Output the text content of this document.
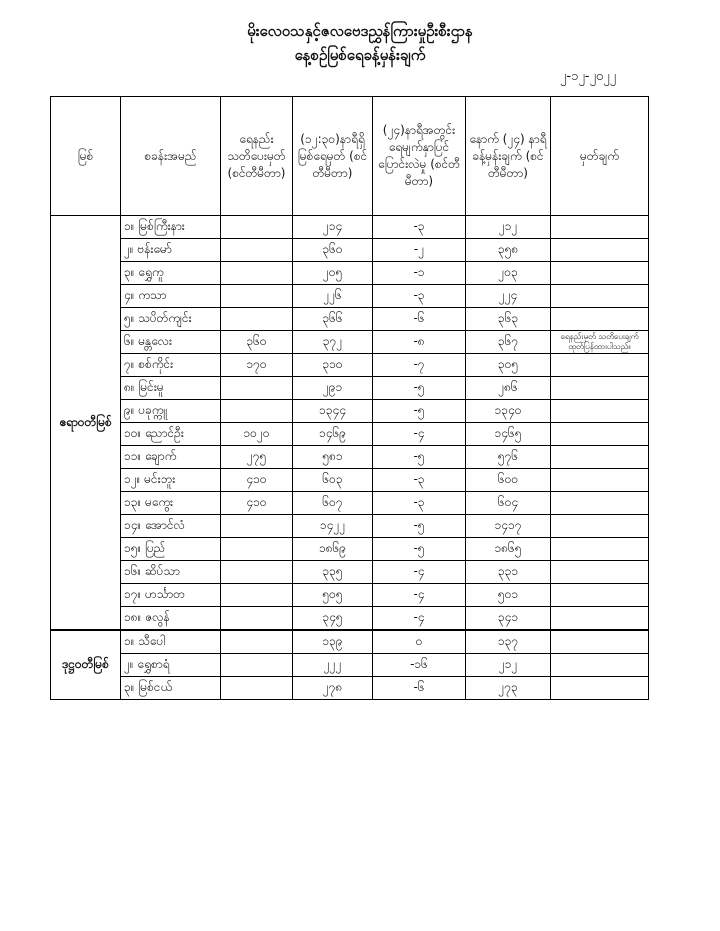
မိုးလေဝသနှင့်ဇလဗေဒညွှန်ကြားမှုဦးစီးဌာန
နေ့စဉ်မြစ်ရေခန့်မှန်းချက်
၂-၁၂-၂၀၂၂
မြစ်	စခန်းအမည်	ရေနည်း သတိပေးမှတ် (စင်တီမီတာ)	(၁၂:၃၀)နာရီရှိ မြစ်ရေမှတ် (စင်တီမီတာ)	(၂၄)နာရီအတွင်း ရေမျက်နှာပြင် ပြောင်းလဲမှု (စင်တီမီတာ)	နောက် (၂၄) နာရီ ခန့်မှန်းချက် (စင်တီမီတာ)	မှတ်ချက်
ဧရာဝတီမြစ်	၁။ မြစ်ကြီးနား		၂၁၄	-၃	၂၁၂	
	၂။ ဗန်းမော်		၃၆၀	-၂	၃၅၈	
	၃။ ရွှေကူ		၂၀၅	-၁	၂၀၃	
	၄။ ကသာ		၂၂၆	-၃	၂၂၄	
	၅။ သပိတ်ကျင်း		၃၆၆	-၆	၃၆၃	
	၆။ မန္တလေး	၃၆၀	၃၇၂	-၈	၃၆၇	ရေနည်းမှတ် သတိပေးချက် ထုတ်ပြန်ထားပါသည်။
	၇။ စစ်ကိုင်း	၁၇၀	၃၁၀	-၇	၃၀၅	
	၈။ မြင်းမူ		၂၉၁	-၅	၂၈၆	
	၉။ ပခုက္ကူ		၁၃၄၄	-၅	၁၃၄၀	
	၁၀။ ညောင်ဦး	၁၀၂၀	၁၄၆၉	-၄	၁၄၆၅	
	၁၁။ ချောက်	၂၇၅	၅၈၁	-၅	၅၇၆	
	၁၂။ မင်းဘူး	၄၁၀	၆၀၃	-၃	၆၀၀	
	၁၃။ မကွေး	၄၁၀	၆၀၇	-၃	၆၀၄	
	၁၄။ အောင်လံ		၁၄၂၂	-၅	၁၄၁၇	
	၁၅။ ပြည်		၁၈၆၉	-၅	၁၈၆၅	
	၁၆။ ဆိပ်သာ		၃၃၅	-၄	၃၃၁	
	၁၇။ ဟင်္သာတ		၅၀၅	-၄	၅၀၁	
	၁၈။ ဇလွန်		၃၄၅	-၄	၃၄၁	
ဒုဋ္ဌဝတီမြစ်	၁။ သီပေါ		၁၃၉	၀	၁၃၇	
	၂။ ရွှေစာရံ		၂၂၂	-၁၆	၂၁၂	
	၃။ မြစ်ငယ်		၂၇၈	-၆	၂၇၃	
